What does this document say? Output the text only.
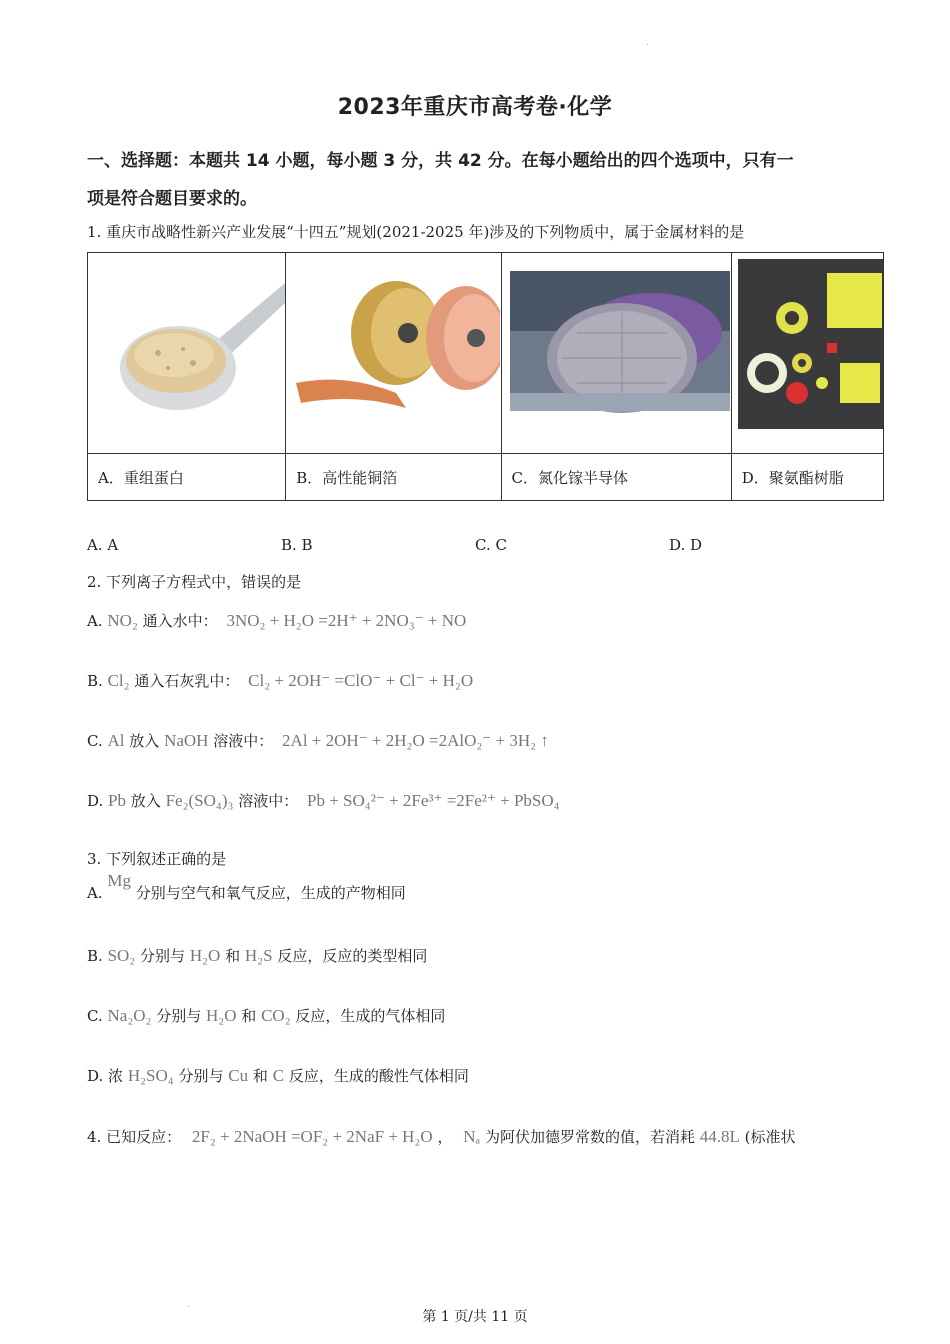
2023年重庆市高考卷·化学
一、选择题：本题共 14 小题，每小题 3 分，共 42 分。在每小题给出的四个选项中，只有一
项是符合题目要求的。
1. 重庆市战略性新兴产业发展“十四五”规划(2021-2025 年)涉及的下列物质中，属于金属材料的是

A．重组蛋白	B．高性能铜箔	C．氮化镓半导体	D．聚氨酯树脂
A. A	B. B	C. C	D. D
2. 下列离子方程式中，错误的是
A. NO₂ 通入水中： 3NO₂ + H₂O =2H⁺ + 2NO₃⁻ + NO
B. Cl₂ 通入石灰乳中： Cl₂ + 2OH⁻ =ClO⁻ + Cl⁻ + H₂O
C. Al 放入 NaOH 溶液中： 2Al + 2OH⁻ + 2H₂O =2AlO₂⁻ + 3H₂ ↑
D. Pb 放入 Fe₂(SO₄)₃ 溶液中： Pb + SO₄²⁻ + 2Fe³⁺ =2Fe²⁺ + PbSO₄
3. 下列叙述正确的是
A. Mg 分别与空气和氧气反应，生成的产物相同
B. SO₂ 分别与 H₂O 和 H₂S 反应，反应的类型相同
C. Na₂O₂ 分别与 H₂O 和 CO₂ 反应，生成的气体相同
D. 浓 H₂SO₄ 分别与 Cu 和 C 反应，生成的酸性气体相同
4. 已知反应： 2F₂ + 2NaOH =OF₂ + 2NaF + H₂O ， Nₐ 为阿伏加德罗常数的值，若消耗 44.8L (标准状
第 1 页/共 11 页
